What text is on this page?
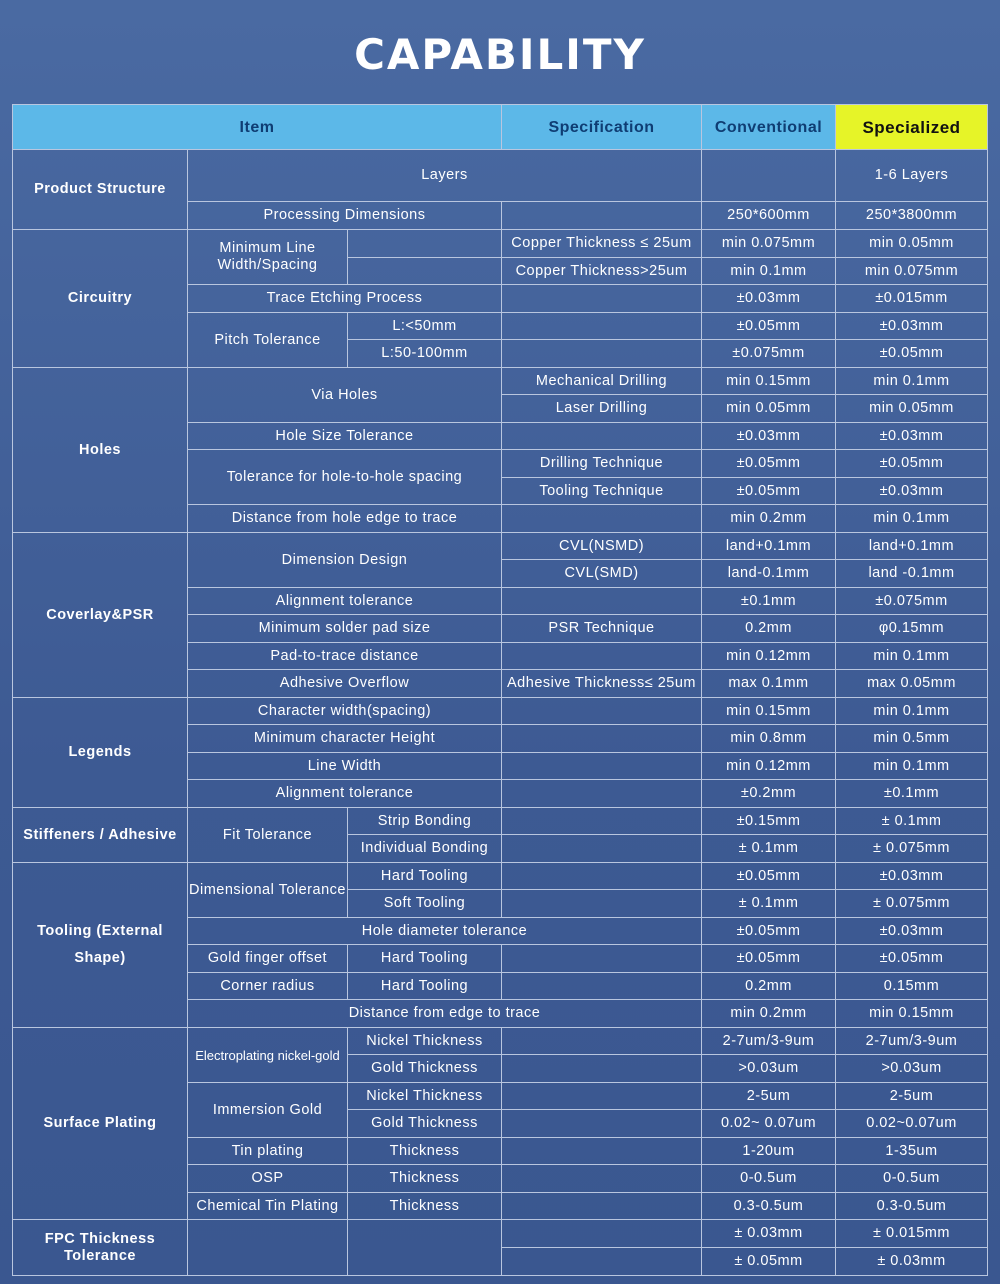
CAPABILITY
Item			Specification	Conventional	Specialized	
Product Structure	Layers				1-6 Layers	
	Processing Dimensions			250*600mm	250*3800mm	
Circuitry	Minimum Line Width/Spacing		Copper Thickness ≤ 25um	min 0.075mm	min 0.05mm	
			Copper Thickness>25um	min 0.1mm	min 0.075mm	
	Trace Etching Process			±0.03mm	±0.015mm	
	Pitch Tolerance	L:<50mm		±0.05mm	±0.03mm	
		L:50-100mm		±0.075mm	±0.05mm	
Holes	Via Holes		Mechanical Drilling	min 0.15mm	min 0.1mm	
			Laser Drilling	min 0.05mm	min 0.05mm	
	Hole Size Tolerance			±0.03mm	±0.03mm	
	Tolerance for hole-to-hole spacing		Drilling Technique	±0.05mm	±0.05mm	
			Tooling Technique	±0.05mm	±0.03mm	
	Distance from hole edge to trace			min 0.2mm	min 0.1mm	
Coverlay&PSR	Dimension Design		CVL(NSMD)	land+0.1mm	land+0.1mm	
			CVL(SMD)	land-0.1mm	land -0.1mm	
	Alignment tolerance			±0.1mm	±0.075mm	
	Minimum solder pad size		PSR Technique	0.2mm	φ0.15mm	
	Pad-to-trace distance			min 0.12mm	min 0.1mm	
	Adhesive Overflow		Adhesive Thickness≤ 25um	max 0.1mm	max 0.05mm	
Legends	Character width(spacing)			min 0.15mm	min 0.1mm	
	Minimum character Height			min 0.8mm	min 0.5mm	
	Line Width			min 0.12mm	min 0.1mm	
	Alignment tolerance			±0.2mm	±0.1mm	
Stiffeners / Adhesive	Fit Tolerance	Strip Bonding		±0.15mm	± 0.1mm	
		Individual Bonding		± 0.1mm	± 0.075mm	
Tooling (External Shape)	Dimensional Tolerance	Hard Tooling		±0.05mm	±0.03mm	
		Soft Tooling		± 0.1mm	± 0.075mm	
	Hole diameter tolerance			±0.05mm	±0.03mm	
	Gold finger offset	Hard Tooling		±0.05mm	±0.05mm	
	Corner radius	Hard Tooling		0.2mm	0.15mm	
	Distance from edge to trace			min 0.2mm	min 0.15mm	
Surface Plating	Electroplating nickel-gold	Nickel Thickness		2-7um/3-9um	2-7um/3-9um	
		Gold Thickness		>0.03um	>0.03um	
	Immersion Gold	Nickel Thickness		2-5um	2-5um	
		Gold Thickness		0.02~ 0.07um	0.02~0.07um	
	Tin plating	Thickness		1-20um	1-35um	
	OSP	Thickness		0-0.5um	0-0.5um	
	Chemical Tin Plating	Thickness		0.3-0.5um	0.3-0.5um	
FPC Thickness Tolerance				± 0.03mm	± 0.015mm	
				± 0.05mm	± 0.03mm	
